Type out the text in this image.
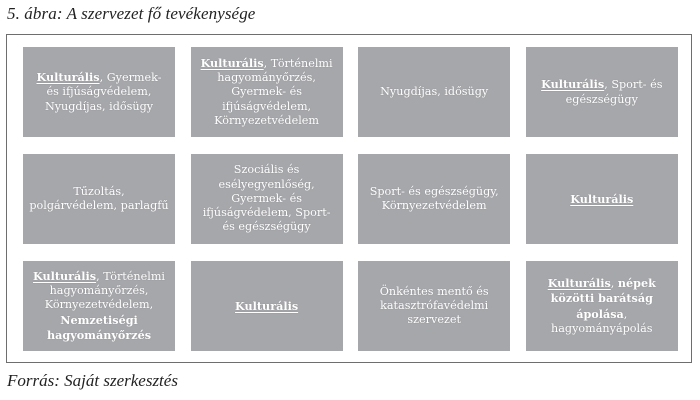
5. ábra: A szervezet fő tevékenysége
Kulturális, Gyermek- és ifjúságvédelem, Nyugdíjas, idősügy
Kulturális, Történelmi hagyományőrzés, Gyermek- és ifjúságvédelem, Környezetvédelem
Nyugdíjas, idősügy
Kulturális, Sport- és egészségügy
Tűzoltás, polgárvédelem, parlagfű
Szociális és esélyegyenlőség, Gyermek- és ifjúságvédelem, Sport- és egészségügy
Sport- és egészségügy, Környezetvédelem	Kulturális
Kulturális, Történelmi hagyományőrzés, Környezetvédelem, Nemzetiségi hagyományőrzés
Kulturális
Önkéntes mentő és katasztrófavédelmi szervezet
Kulturális, népek közötti barátság ápolása, hagyományápolás
Forrás: Saját szerkesztés
